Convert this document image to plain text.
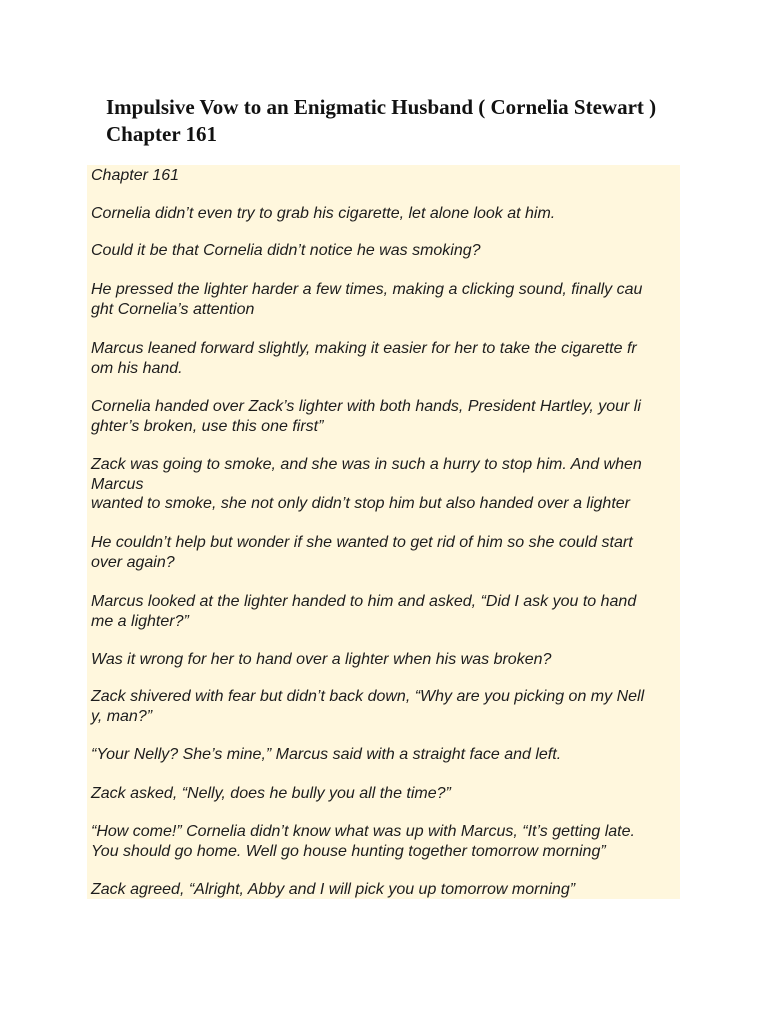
Impulsive Vow to an Enigmatic Husband ( Cornelia Stewart ) Chapter 161

Chapter 161

Cornelia didn’t even try to grab his cigarette, let alone look at him.

Could it be that Cornelia didn’t notice he was smoking?

He pressed the lighter harder a few times, making a clicking sound, finally cau
ght Cornelia’s attention

Marcus leaned forward slightly, making it easier for her to take the cigarette fr
om his hand.

Cornelia handed over Zack’s lighter with both hands, President Hartley, your li
ghter’s broken, use this one first”

Zack was going to smoke, and she was in such a hurry to stop him. And when
Marcus
wanted to smoke, she not only didn’t stop him but also handed over a lighter

He couldn’t help but wonder if she wanted to get rid of him so she could start
over again?

Marcus looked at the lighter handed to him and asked, “Did I ask you to hand
me a lighter?”

Was it wrong for her to hand over a lighter when his was broken?

Zack shivered with fear but didn’t back down, “Why are you picking on my Nell
y, man?”

“Your Nelly? She’s mine,” Marcus said with a straight face and left.

Zack asked, “Nelly, does he bully you all the time?”

“How come!” Cornelia didn’t know what was up with Marcus, “It’s getting late.
You should go home. Well go house hunting together tomorrow morning”

Zack agreed, “Alright, Abby and I will pick you up tomorrow morning”
